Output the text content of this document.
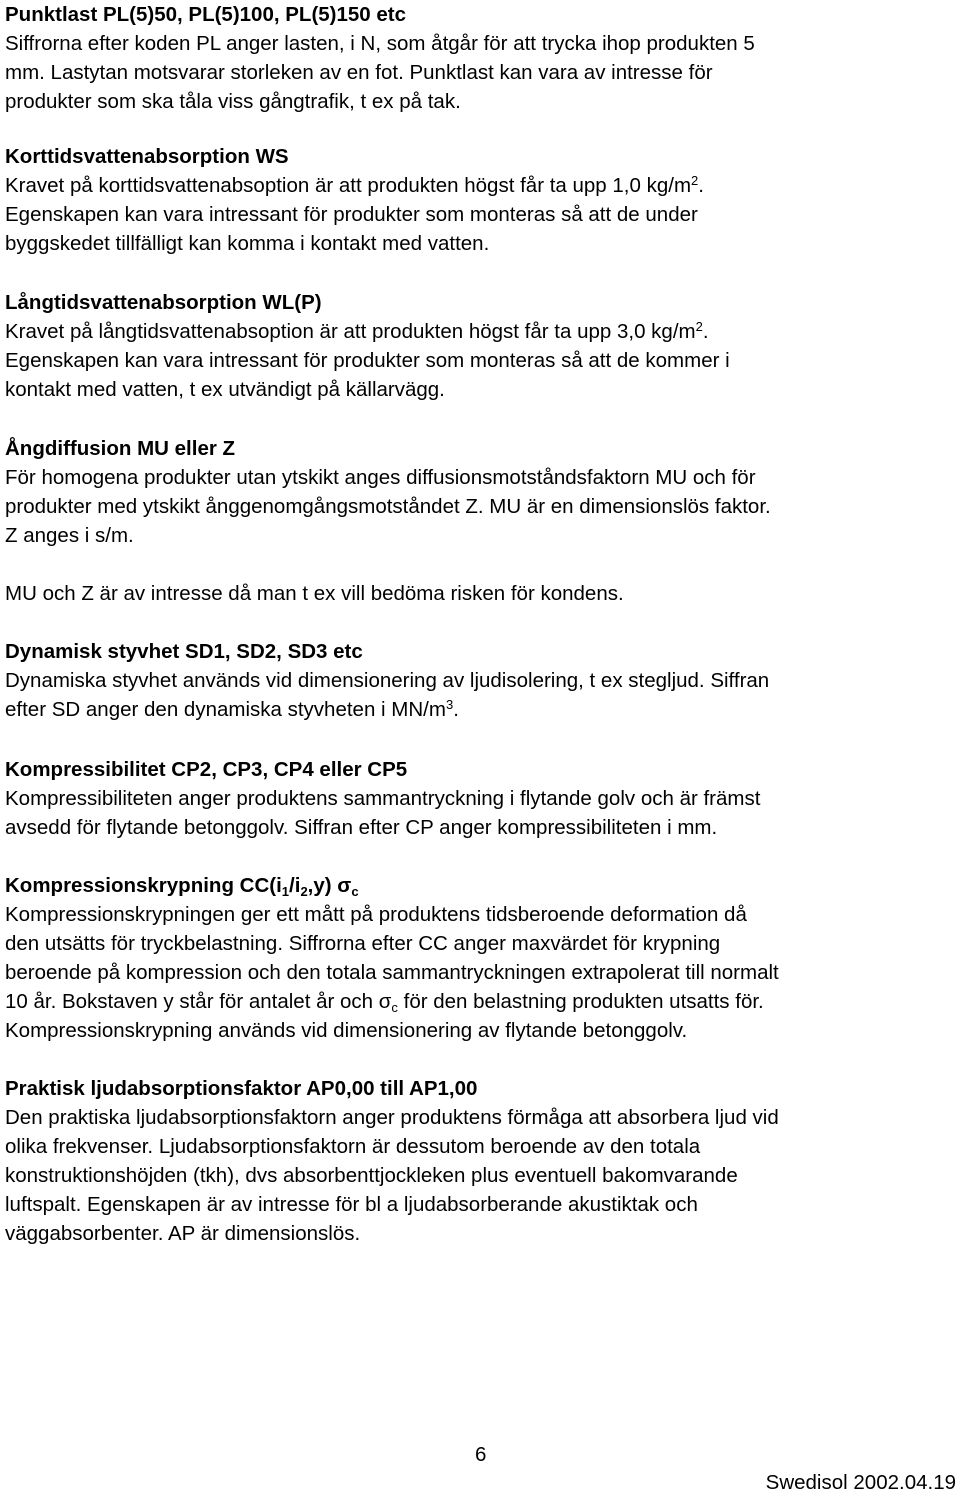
Punktlast PL(5)50, PL(5)100, PL(5)150 etc
Siffrorna efter koden PL anger lasten, i N, som åtgår för att trycka ihop produkten 5
mm. Lastytan motsvarar storleken av en fot. Punktlast kan vara av intresse för
produkter som ska tåla viss gångtrafik, t ex på tak.
Korttidsvattenabsorption WS
Kravet på korttidsvattenabsoption är att produkten högst får ta upp 1,0 $kg/m^2$.
Egenskapen kan vara intressant för produkter som monteras så att de under
byggskedet tillfälligt kan komma i kontakt med vatten.
Långtidsvattenabsorption WL(P)
Kravet på långtidsvattenabsoption är att produkten högst får ta upp 3,0 $kg/m^2$.
Egenskapen kan vara intressant för produkter som monteras så att de kommer i
kontakt med vatten, t ex utvändigt på källarvägg.
Ångdiffusion MU eller Z
För homogena produkter utan ytskikt anges diffusionsmotståndsfaktorn MU och för
produkter med ytskikt ånggenomgångsmotståndet Z. MU är en dimensionslös faktor.
Z anges i s/m.
MU och Z är av intresse då man t ex vill bedöma risken för kondens.
Dynamisk styvhet SD1, SD2, SD3 etc
Dynamiska styvhet används vid dimensionering av ljudisolering, t ex stegljud. Siffran
efter SD anger den dynamiska styvheten i $MN/m^3$.
Kompressibilitet CP2, CP3, CP4 eller CP5
Kompressibiliteten anger produktens sammantryckning i flytande golv och är främst
avsedd för flytande betonggolv. Siffran efter CP anger kompressibiliteten i mm.
Kompressionskrypning $CC(i_1/i_2,y)$ $\sigma_c$
Kompressionskrypningen ger ett mått på produktens tidsberoende deformation då
den utsätts för tryckbelastning. Siffrorna efter CC anger maxvärdet för krypning
beroende på kompression och den totala sammantryckningen extrapolerat till normalt
10 år. Bokstaven y står för antalet år och $\sigma_c$ för den belastning produkten utsatts för.
Kompressionskrypning används vid dimensionering av flytande betonggolv.
Praktisk ljudabsorptionsfaktor AP0,00 till AP1,00
Den praktiska ljudabsorptionsfaktorn anger produktens förmåga att absorbera ljud vid
olika frekvenser. Ljudabsorptionsfaktorn är dessutom beroende av den totala
konstruktionshöjden (tkh), dvs absorbenttjockleken plus eventuell bakomvarande
luftspalt. Egenskapen är av intresse för bl a ljudabsorberande akustiktak och
väggabsorbenter. AP är dimensionslös.
6
Swedisol 2002.04.19
